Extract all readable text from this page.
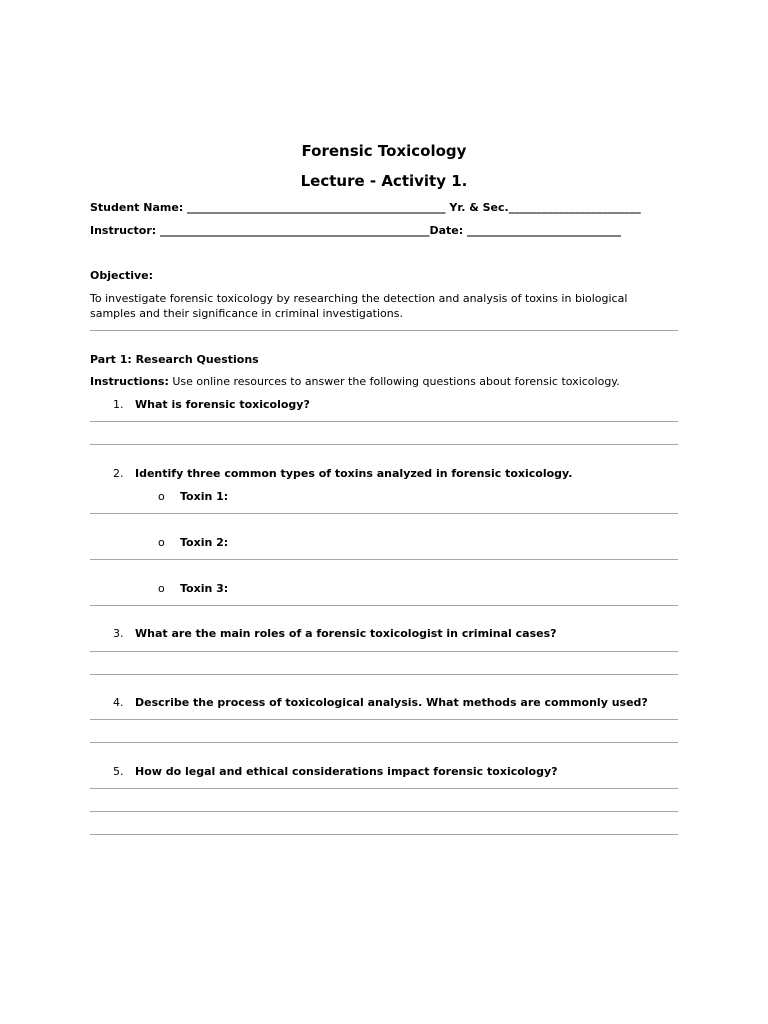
Forensic Toxicology
Lecture - Activity 1.
Student Name: _______________________________________________ Yr. & Sec.________________________
Instructor: _________________________________________________Date: ____________________________
Objective:
To investigate forensic toxicology by researching the detection and analysis of toxins in biological
samples and their significance in criminal investigations.
Part 1: Research Questions
Instructions: Use online resources to answer the following questions about forensic toxicology.
1. What is forensic toxicology?
2. Identify three common types of toxins analyzed in forensic toxicology.
o Toxin 1:
o Toxin 2:
o Toxin 3:
3. What are the main roles of a forensic toxicologist in criminal cases?
4. Describe the process of toxicological analysis. What methods are commonly used?
5. How do legal and ethical considerations impact forensic toxicology?
